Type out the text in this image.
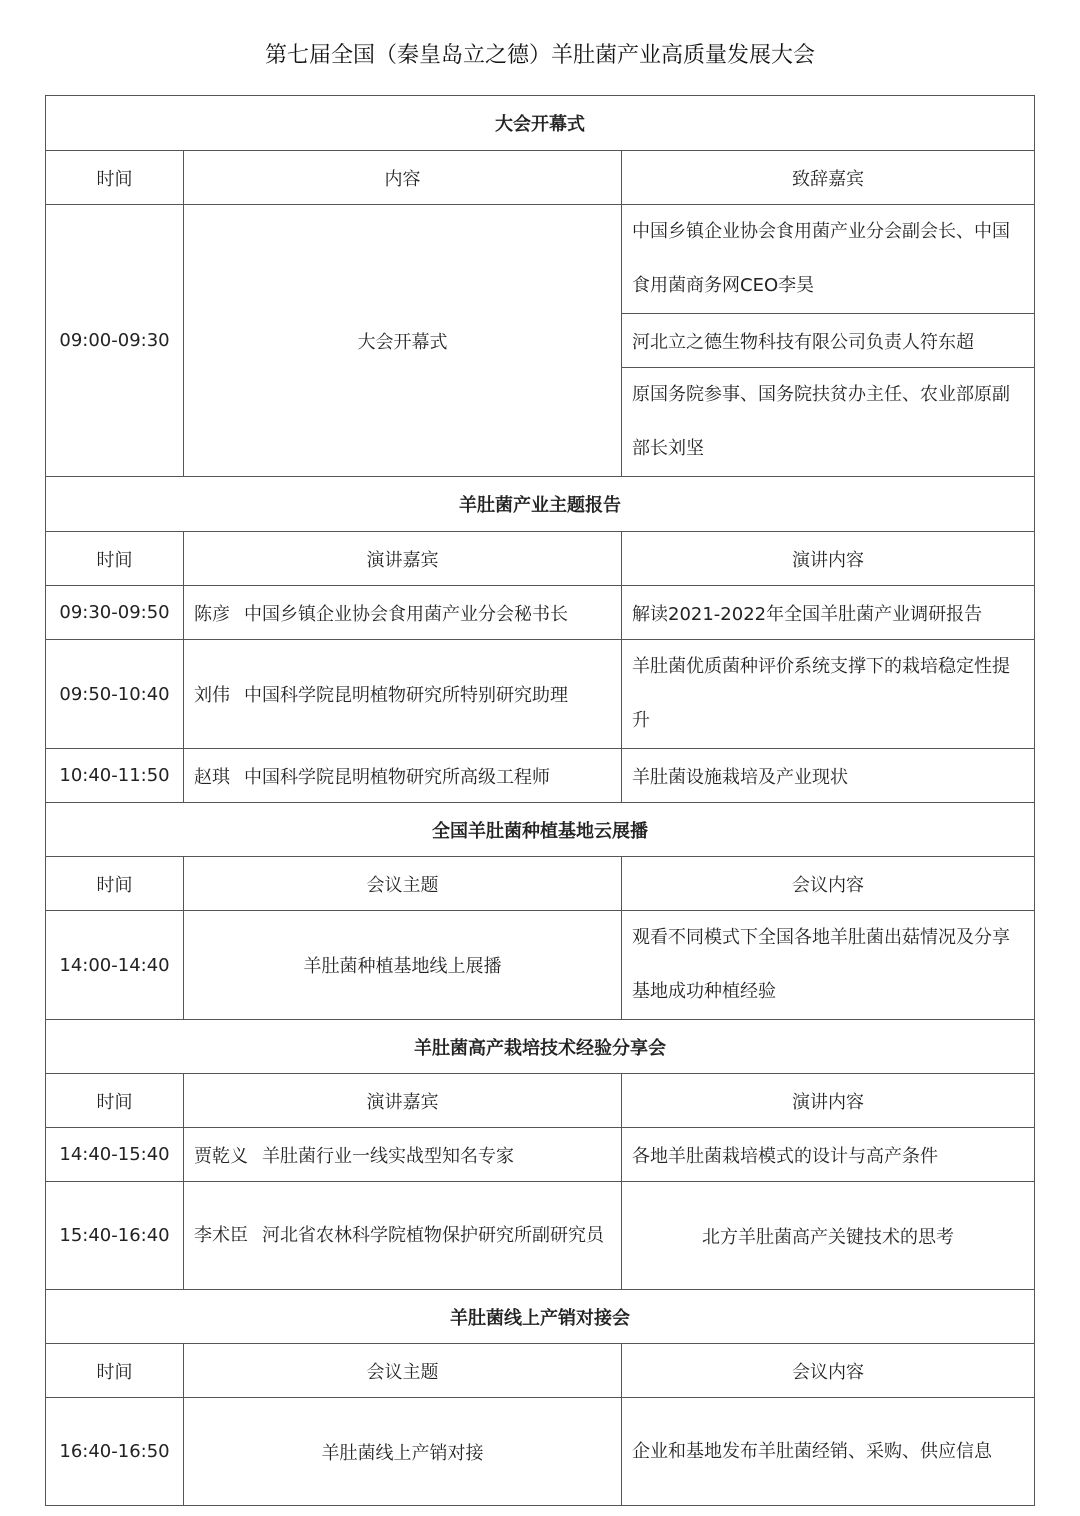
第七届全国（秦皇岛立之德）羊肚菌产业高质量发展大会
大会开幕式		
时间	内容	致辞嘉宾
09:00-09:30	大会开幕式	中国乡镇企业协会食用菌产业分会副会长、中国食用菌商务网CEO李昊
		河北立之德生物科技有限公司负责人符东超
		原国务院参事、国务院扶贫办主任、农业部原副部长刘坚
羊肚菌产业主题报告		
时间	演讲嘉宾	演讲内容
09:30-09:50	陈彦 中国乡镇企业协会食用菌产业分会秘书长	解读2021-2022年全国羊肚菌产业调研报告
09:50-10:40	刘伟 中国科学院昆明植物研究所特别研究助理	羊肚菌优质菌种评价系统支撑下的栽培稳定性提升
10:40-11:50	赵琪 中国科学院昆明植物研究所高级工程师	羊肚菌设施栽培及产业现状
全国羊肚菌种植基地云展播		
时间	会议主题	会议内容
14:00-14:40	羊肚菌种植基地线上展播	观看不同模式下全国各地羊肚菌出菇情况及分享基地成功种植经验
羊肚菌高产栽培技术经验分享会		
时间	演讲嘉宾	演讲内容
14:40-15:40	贾乾义 羊肚菌行业一线实战型知名专家	各地羊肚菌栽培模式的设计与高产条件
15:40-16:40	李术臣 河北省农林科学院植物保护研究所副研究员	北方羊肚菌高产关键技术的思考
羊肚菌线上产销对接会		
时间	会议主题	会议内容
16:40-16:50	羊肚菌线上产销对接	企业和基地发布羊肚菌经销、采购、供应信息
